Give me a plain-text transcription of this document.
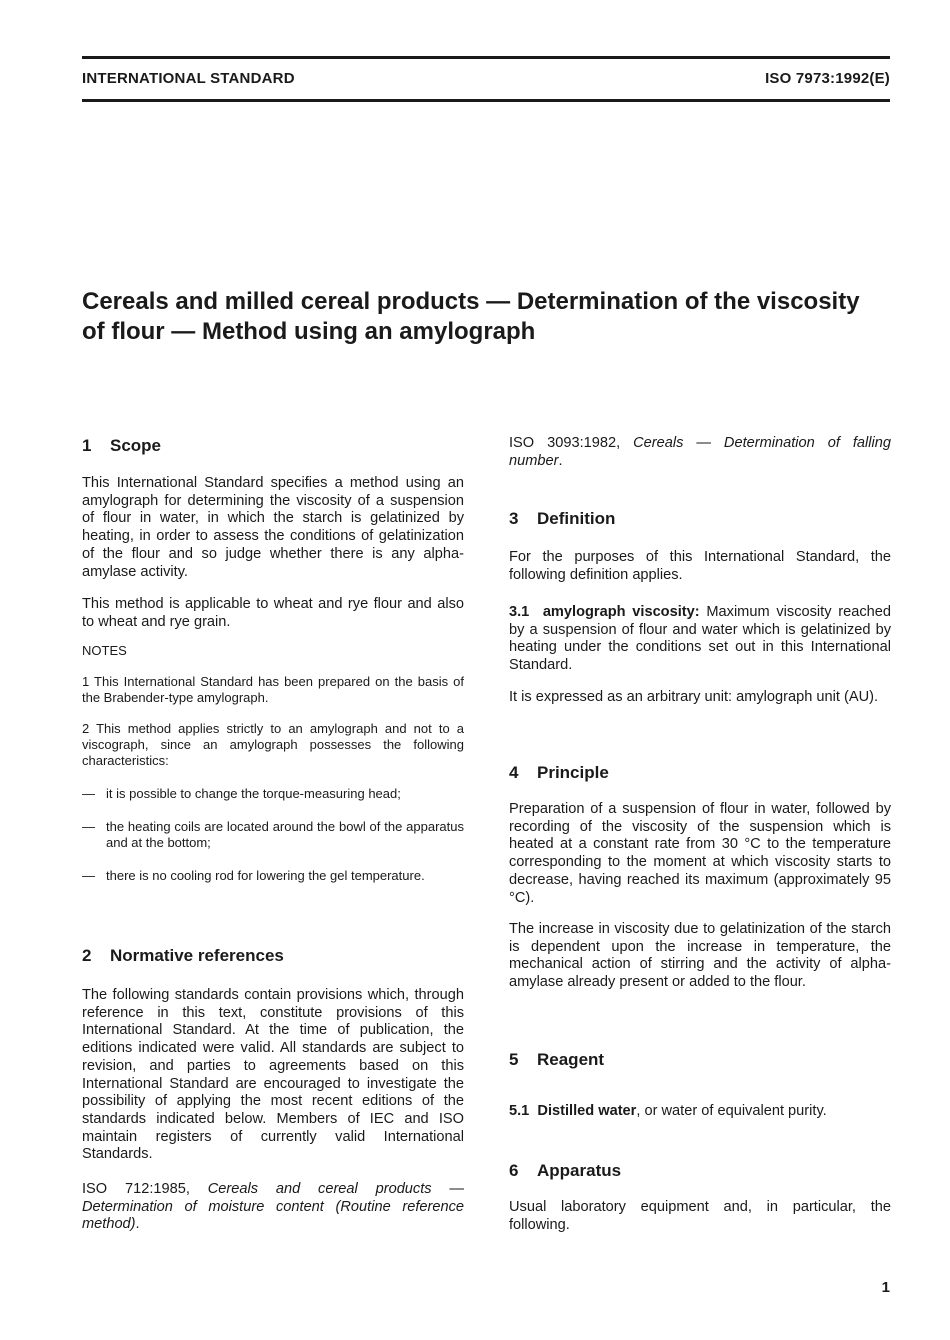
INTERNATIONAL STANDARD	ISO 7973:1992(E)
Cereals and milled cereal products — Determination of the viscosity of flour — Method using an amylograph
1 Scope

This International Standard specifies a method using an amylograph for determining the viscosity of a suspension of flour in water, in which the starch is gelatinized by heating, in order to assess the conditions of gelatinization of the flour and so judge whether there is any alpha-amylase activity.

This method is applicable to wheat and rye flour and also to wheat and rye grain.

NOTES

1 This International Standard has been prepared on the basis of the Brabender-type amylograph.

2 This method applies strictly to an amylograph and not to a viscograph, since an amylograph possesses the following characteristics:

— it is possible to change the torque-measuring head;
— the heating coils are located around the bowl of the apparatus and at the bottom;
— there is no cooling rod for lowering the gel temperature.
2 Normative references

The following standards contain provisions which, through reference in this text, constitute provisions of this International Standard. At the time of publication, the editions indicated were valid. All standards are subject to revision, and parties to agreements based on this International Standard are encouraged to investigate the possibility of applying the most recent editions of the standards indicated below. Members of IEC and ISO maintain registers of currently valid International Standards.

ISO 712:1985, Cereals and cereal products — Determination of moisture content (Routine reference method).

ISO 3093:1982, Cereals — Determination of falling number.

3 Definition

For the purposes of this International Standard, the following definition applies.

3.1 amylograph viscosity: Maximum viscosity reached by a suspension of flour and water which is gelatinized by heating under the conditions set out in this International Standard.

It is expressed as an arbitrary unit: amylograph unit (AU).

4 Principle

Preparation of a suspension of flour in water, followed by recording of the viscosity of the suspension which is heated at a constant rate from 30 °C to the temperature corresponding to the moment at which viscosity starts to decrease, having reached its maximum (approximately 95 °C).

The increase in viscosity due to gelatinization of the starch is dependent upon the increase in temperature, the mechanical action of stirring and the activity of alpha-amylase already present or added to the flour.

5 Reagent

5.1 Distilled water, or water of equivalent purity.

6 Apparatus

Usual laboratory equipment and, in particular, the following.

1
